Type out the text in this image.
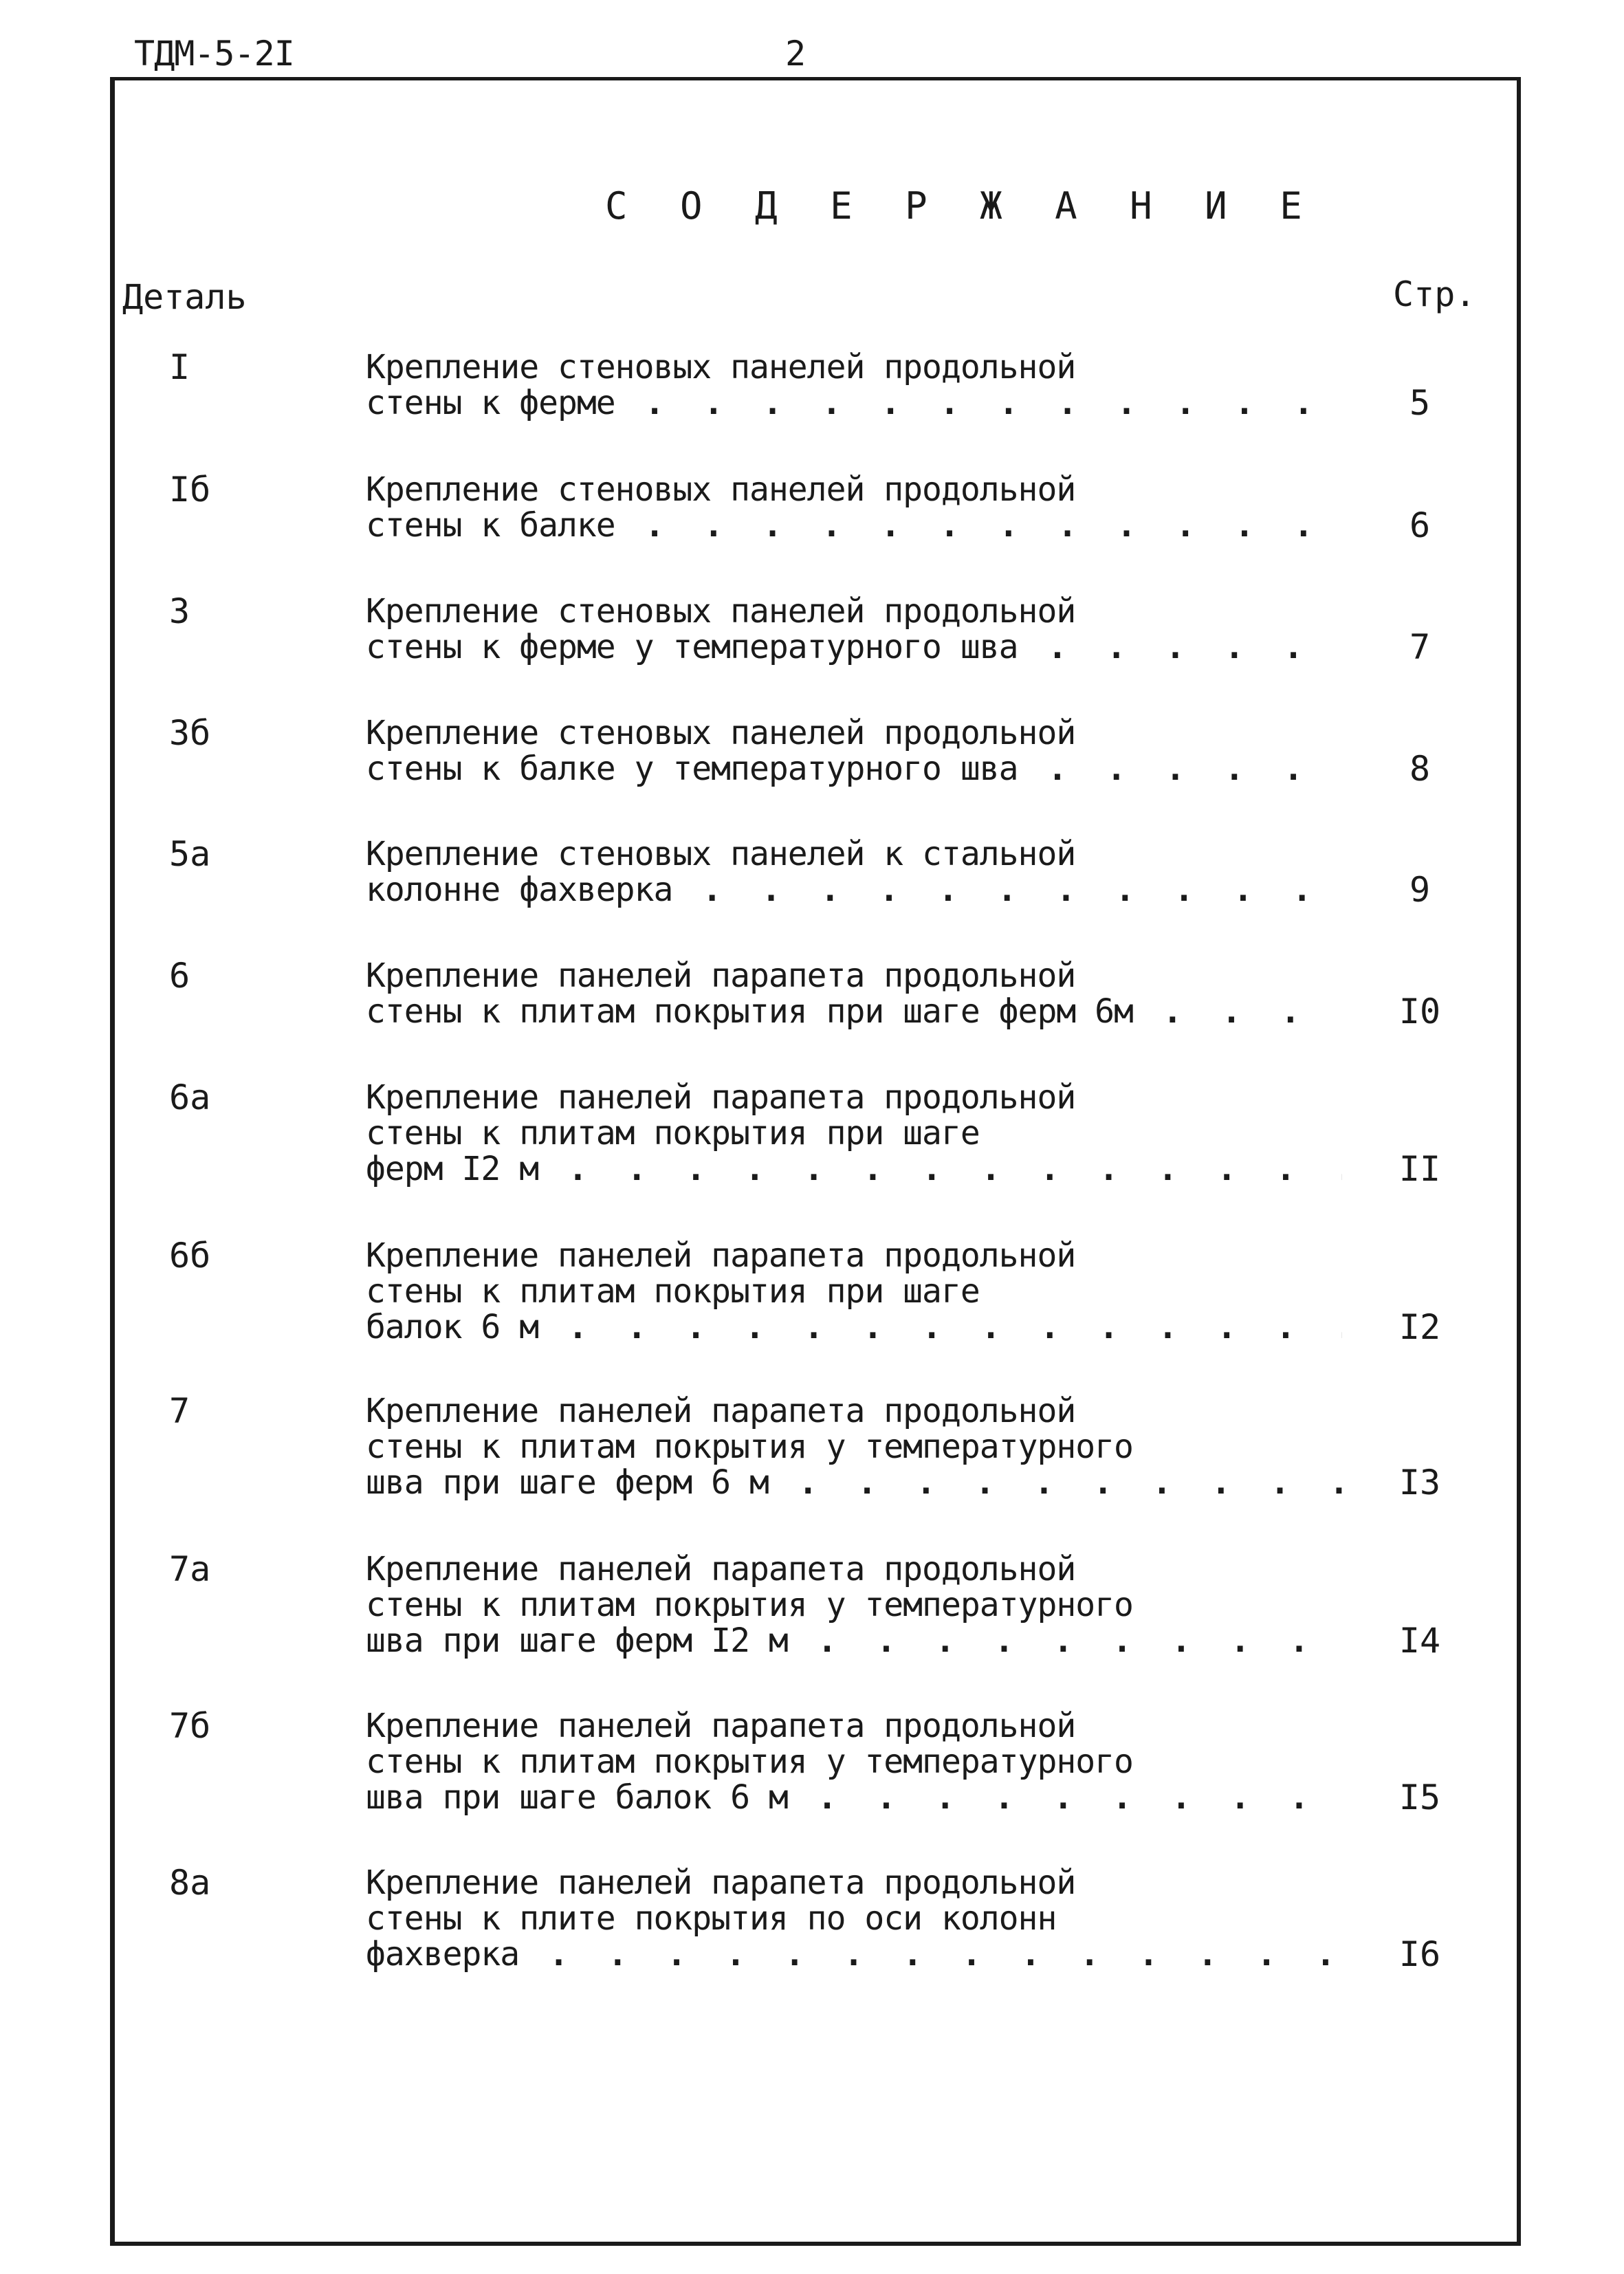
ТДМ-5-2I	2
С О Д Е Р Ж А Н И Е
Деталь	Стр.
I	Крепление стеновых панелей продольной
стены к ферме . . .	5
Iб	Крепление стеновых панелей продольной
стены к балке . . .	6
3	Крепление стеновых панелей продольной
стены к ферме у температурного шва . . .	7
3б	Крепление стеновых панелей продольной
стены к балке у температурного шва . . .	8
5а	Крепление стеновых панелей к стальной
колонне фахверка . . .	9
6	Крепление панелей парапета продольной
стены к плитам покрытия при шаге ферм 6м . . .	I0
6а	Крепление панелей парапета продольной
стены к плитам покрытия при шаге
ферм I2 м . . .	II
6б	Крепление панелей парапета продольной
стены к плитам покрытия при шаге
балок 6 м . . .	I2
7	Крепление панелей парапета продольной
стены к плитам покрытия у температурного
шва при шаге ферм 6 м . . .	I3
7а	Крепление панелей парапета продольной
стены к плитам покрытия у температурного
шва при шаге ферм I2 м . . .	I4
7б	Крепление панелей парапета продольной
стены к плитам покрытия у температурного
шва при шаге балок 6 м . . .	I5
8а	Крепление панелей парапета продольной
стены к плите покрытия по оси колонн
фахверка . . .	I6
